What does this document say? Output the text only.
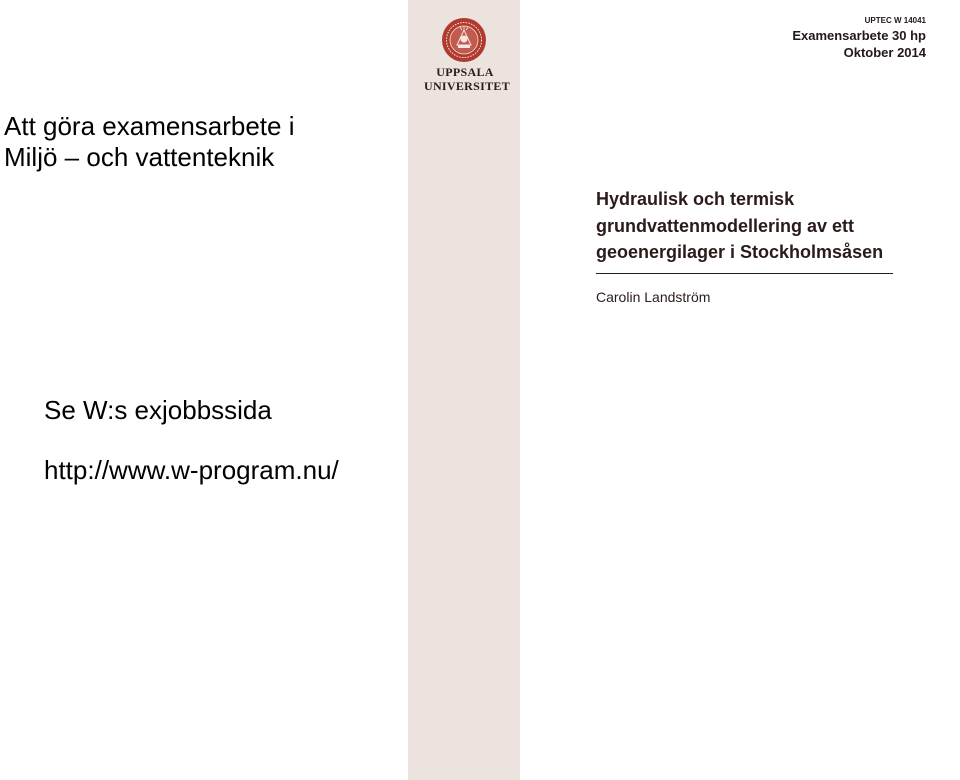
Att göra examensarbete i
Miljö – och vattenteknik
Se W:s exjobbssida
http://www.w-program.nu/
UPPSALA
UNIVERSITET
UPTEC W 14041
Examensarbete 30 hp
Oktober 2014
Hydraulisk och termisk
grundvattenmodellering av ett
geoenergilager i Stockholmsåsen
Carolin Landström
